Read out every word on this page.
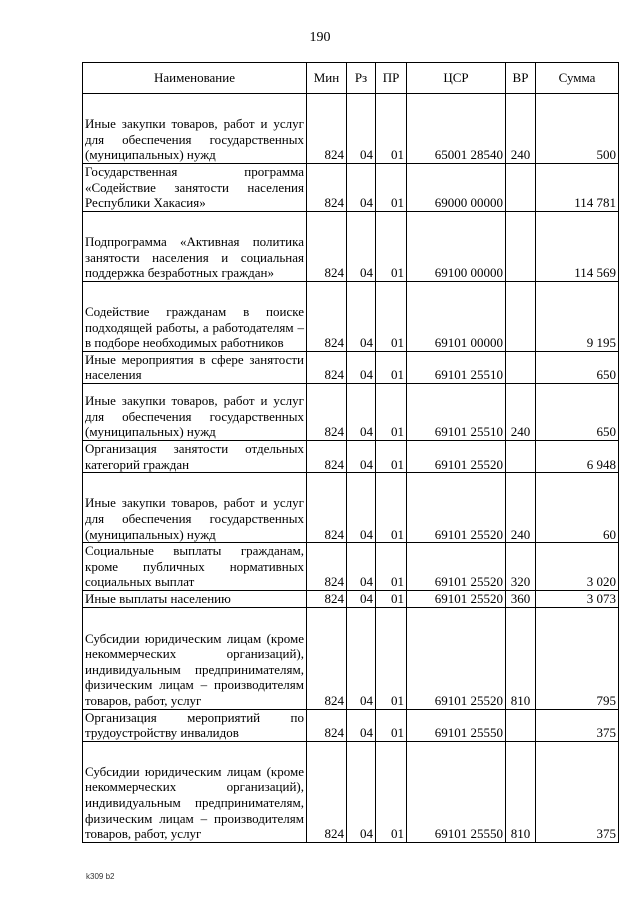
190
Наименование	Мин	Рз	ПР	ЦСР	ВР	Сумма
Иные закупки товаров, работ и услуг для обеспечения государственных (муниципальных) нужд	824	04	01	65001 28540	240	500
Государственная программа «Содействие занятости населения Республики Хакасия»	824	04	01	69000 00000		114 781
Подпрограмма «Активная политика занятости населения и социальная поддержка безработных граждан»	824	04	01	69100 00000		114 569
Содействие гражданам в поиске подходящей работы, а работодателям – в подборе необходимых работников	824	04	01	69101 00000		9 195
Иные мероприятия в сфере занятости населения	824	04	01	69101 25510		650
Иные закупки товаров, работ и услуг для обеспечения государственных (муниципальных) нужд	824	04	01	69101 25510	240	650
Организация занятости отдельных категорий граждан	824	04	01	69101 25520		6 948
Иные закупки товаров, работ и услуг для обеспечения государственных (муниципальных) нужд	824	04	01	69101 25520	240	60
Социальные выплаты гражданам, кроме публичных нормативных социальных выплат	824	04	01	69101 25520	320	3 020
Иные выплаты населению	824	04	01	69101 25520	360	3 073
Субсидии юридическим лицам (кроме некоммерческих организаций), индивидуальным предпринимателям, физическим лицам – производителям товаров, работ, услуг	824	04	01	69101 25520	810	795
Организация мероприятий по трудоустройству инвалидов	824	04	01	69101 25550		375
Субсидии юридическим лицам (кроме некоммерческих организаций), индивидуальным предпринимателям, физическим лицам – производителям товаров, работ, услуг	824	04	01	69101 25550	810	375
k309 b2
